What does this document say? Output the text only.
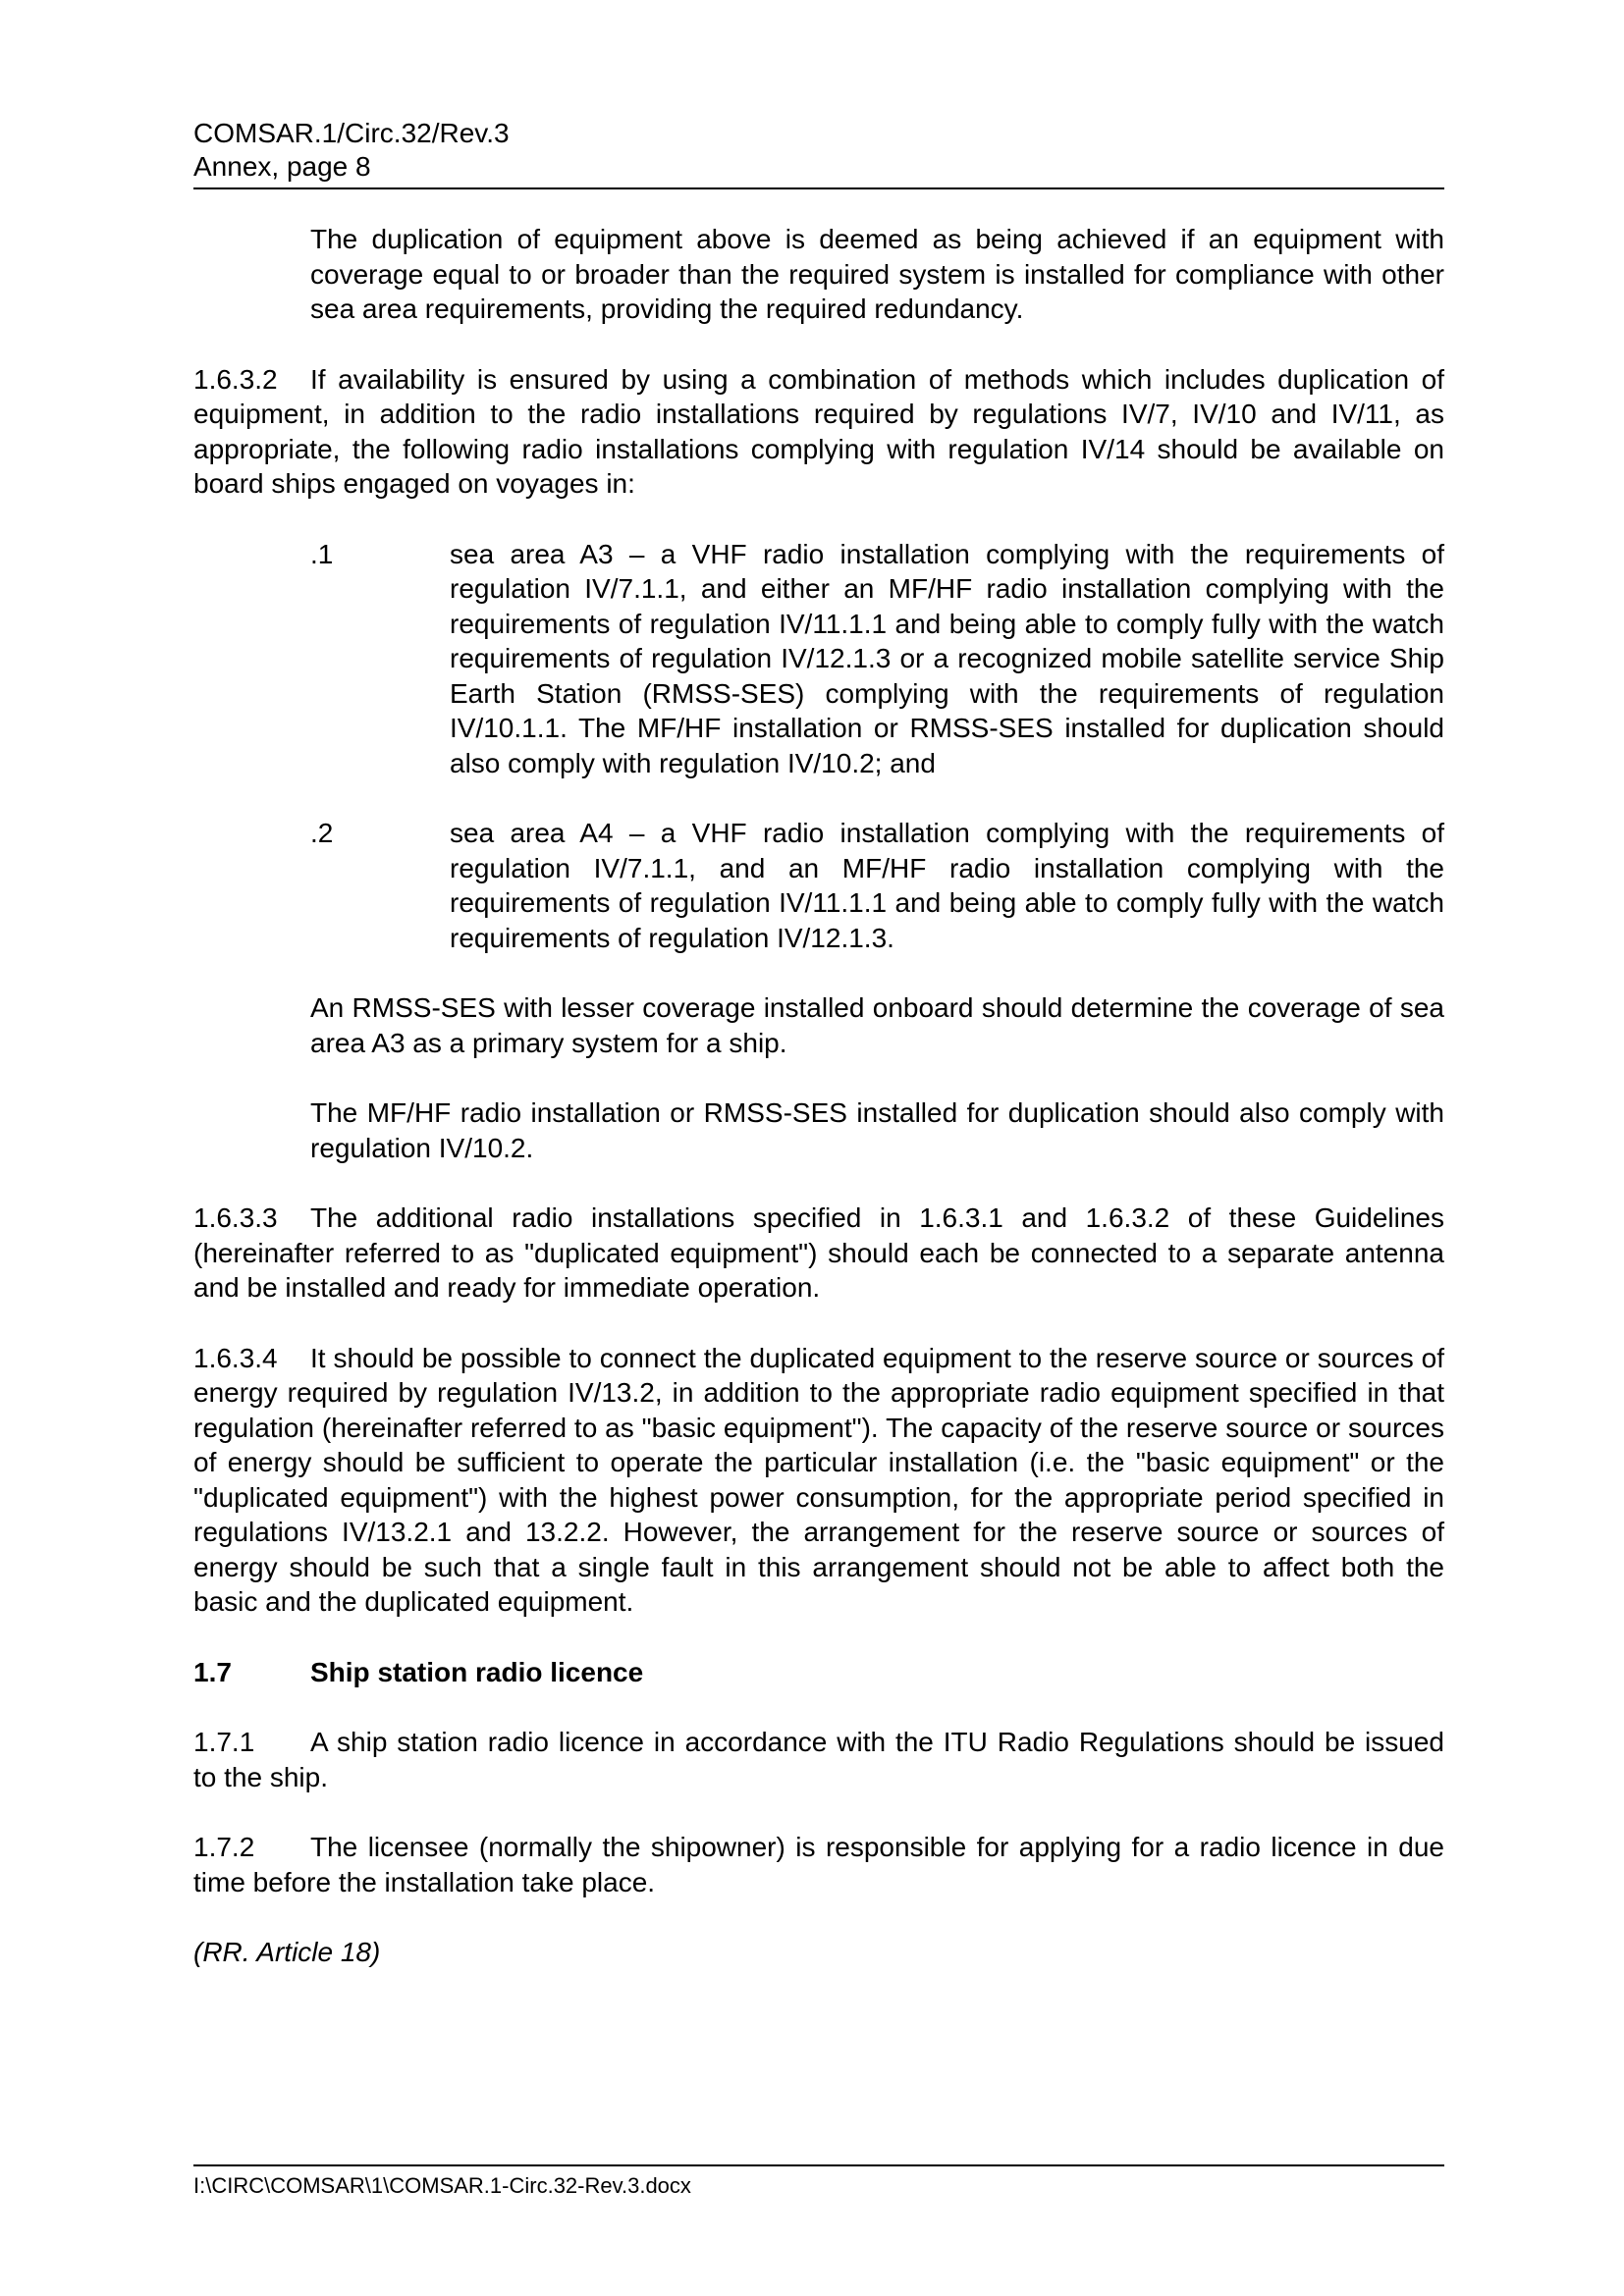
COMSAR.1/Circ.32/Rev.3
Annex, page 8

The duplication of equipment above is deemed as being achieved if an equipment with coverage equal to or broader than the required system is installed for compliance with other sea area requirements, providing the required redundancy.

1.6.3.2 If availability is ensured by using a combination of methods which includes duplication of equipment, in addition to the radio installations required by regulations IV/7, IV/10 and IV/11, as appropriate, the following radio installations complying with regulation IV/14 should be available on board ships engaged on voyages in:

.1	sea area A3 – a VHF radio installation complying with the requirements of regulation IV/7.1.1, and either an MF/HF radio installation complying with the requirements of regulation IV/11.1.1 and being able to comply fully with the watch requirements of regulation IV/12.1.3 or a recognized mobile satellite service Ship Earth Station (RMSS-SES) complying with the requirements of regulation IV/10.1.1. The MF/HF installation or RMSS-SES installed for duplication should also comply with regulation IV/10.2; and
.2	sea area A4 – a VHF radio installation complying with the requirements of regulation IV/7.1.1, and an MF/HF radio installation complying with the requirements of regulation IV/11.1.1 and being able to comply fully with the watch requirements of regulation IV/12.1.3.

An RMSS-SES with lesser coverage installed onboard should determine the coverage of sea area A3 as a primary system for a ship.

The MF/HF radio installation or RMSS-SES installed for duplication should also comply with regulation IV/10.2.

1.6.3.3 The additional radio installations specified in 1.6.3.1 and 1.6.3.2 of these Guidelines (hereinafter referred to as "duplicated equipment") should each be connected to a separate antenna and be installed and ready for immediate operation.

1.6.3.4 It should be possible to connect the duplicated equipment to the reserve source or sources of energy required by regulation IV/13.2, in addition to the appropriate radio equipment specified in that regulation (hereinafter referred to as "basic equipment"). The capacity of the reserve source or sources of energy should be sufficient to operate the particular installation (i.e. the "basic equipment" or the "duplicated equipment") with the highest power consumption, for the appropriate period specified in regulations IV/13.2.1 and 13.2.2. However, the arrangement for the reserve source or sources of energy should be such that a single fault in this arrangement should not be able to affect both the basic and the duplicated equipment.

1.7	Ship station radio licence

1.7.1 A ship station radio licence in accordance with the ITU Radio Regulations should be issued to the ship.

1.7.2 The licensee (normally the shipowner) is responsible for applying for a radio licence in due time before the installation take place.

(RR. Article 18)

I:\CIRC\COMSAR\1\COMSAR.1-Circ.32-Rev.3.docx
